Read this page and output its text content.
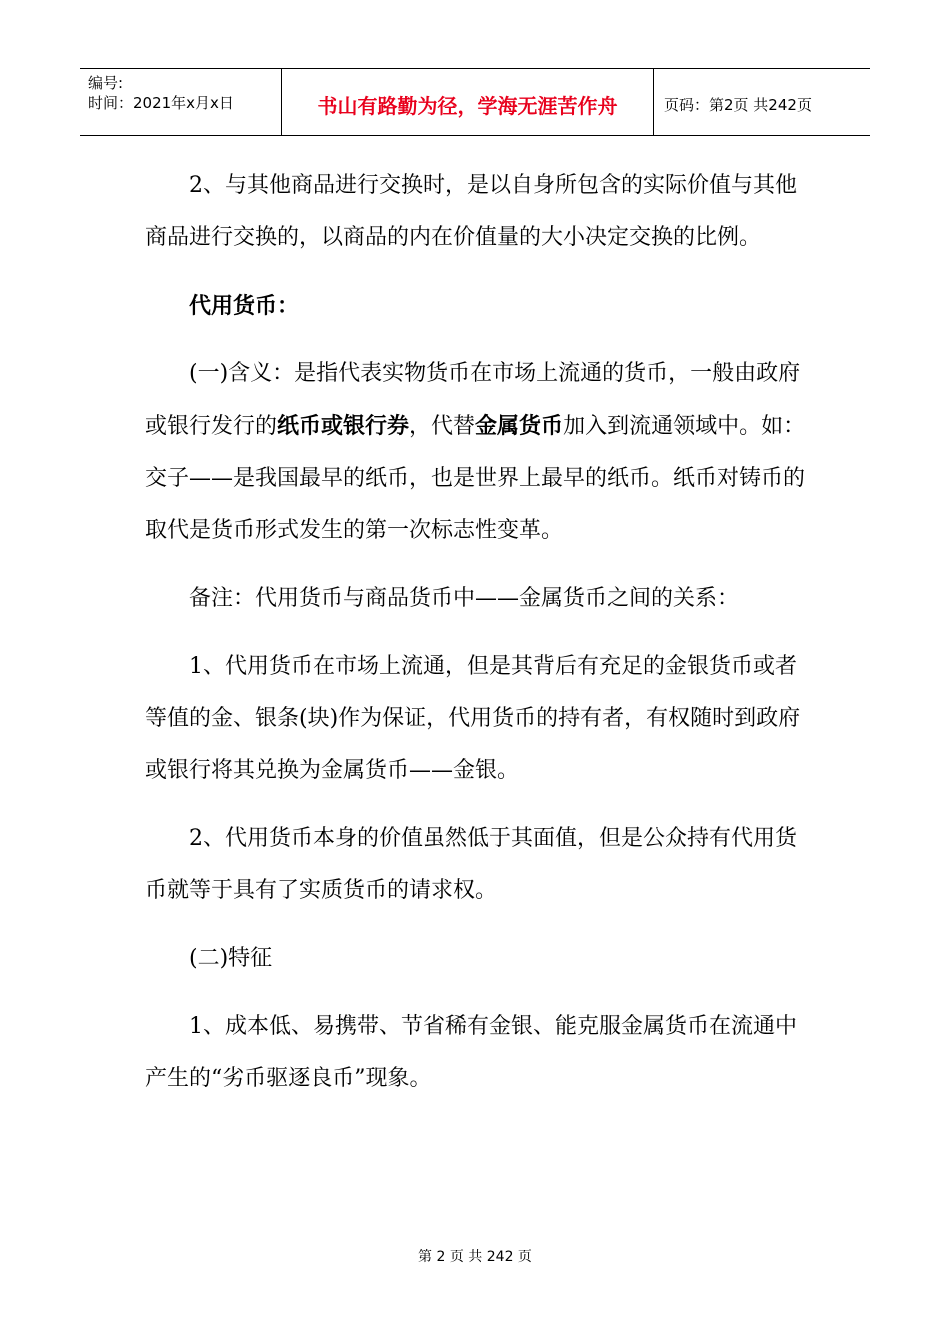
编号:
时间：2021年x月x日	书山有路勤为径，学海无涯苦作舟	页码：第2页 共242页

2、与其他商品进行交换时，是以自身所包含的实际价值与其他商品进行交换的，以商品的内在价值量的大小决定交换的比例。

代用货币：

(一)含义：是指代表实物货币在市场上流通的货币，一般由政府或银行发行的纸币或银行券，代替金属货币加入到流通领域中。如：交子——是我国最早的纸币，也是世界上最早的纸币。纸币对铸币的取代是货币形式发生的第一次标志性变革。

备注：代用货币与商品货币中——金属货币之间的关系：

1、代用货币在市场上流通，但是其背后有充足的金银货币或者等值的金、银条(块)作为保证，代用货币的持有者，有权随时到政府或银行将其兑换为金属货币——金银。

2、代用货币本身的价值虽然低于其面值，但是公众持有代用货币就等于具有了实质货币的请求权。

(二)特征

1、成本低、易携带、节省稀有金银、能克服金属货币在流通中产生的“劣币驱逐良币”现象。

第 2 页 共 242 页
